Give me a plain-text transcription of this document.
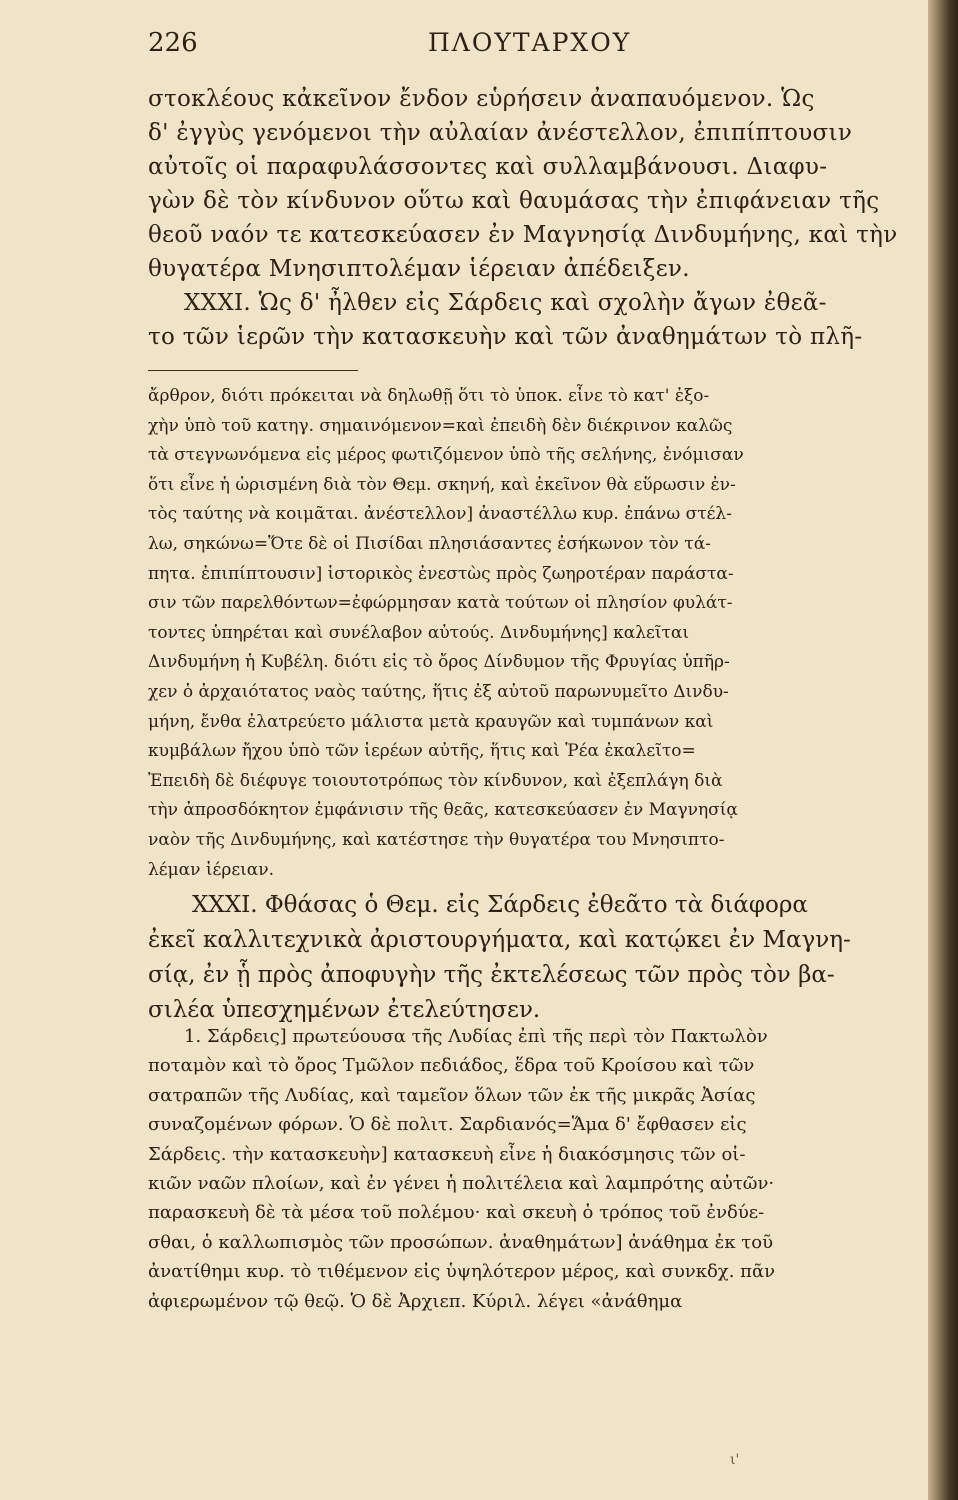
226	ΠΛΟΥΤΑΡΧΟΥ
στοκλέους κἀκεῖνον ἔνδον εὑρήσειν ἀναπαυόμενον. Ὡς
δ' ἐγγὺς γενόμενοι τὴν αὐλαίαν ἀνέστελλον, ἐπιπίπτουσιν
αὐτοῖς οἱ παραφυλάσσοντες καὶ συλλαμβάνουσι. Διαφυ-
γὼν δὲ τὸν κίνδυνον οὕτω καὶ θαυμάσας τὴν ἐπιφάνειαν τῆς
θεοῦ ναόν τε κατεσκεύασεν ἐν Μαγνησίᾳ Δινδυμήνης, καὶ τὴν
θυγατέρα Μνησιπτολέμαν ἱέρειαν ἀπέδειξεν.
XXXI. Ὡς δ' ἦλθεν εἰς Σάρδεις καὶ σχολὴν ἄγων ἐθεᾶ-
το τῶν ἱερῶν τὴν κατασκευὴν καὶ τῶν ἀναθημάτων τὸ πλῆ-
ἄρθρον, διότι πρόκειται νὰ δηλωθῇ ὅτι τὸ ὑποκ. εἶνε τὸ κατ' ἐξο-
χὴν ὑπὸ τοῦ κατηγ. σημαινόμενον=καὶ ἐπειδὴ δὲν διέκρινον καλῶς
τὰ στεγνωνόμενα εἰς μέρος φωτιζόμενον ὑπὸ τῆς σελήνης, ἐνόμισαν
ὅτι εἶνε ἡ ὡρισμένη διὰ τὸν Θεμ. σκηνή, καὶ ἐκεῖνον θὰ εὕρωσιν ἐν-
τὸς ταύτης νὰ κοιμᾶται. ἀνέστελλον] ἀναστέλλω κυρ. ἐπάνω στέλ-
λω, σηκώνω=Ὅτε δὲ οἱ Πισίδαι πλησιάσαντες ἐσήκωνον τὸν τά-
πητα. ἐπιπίπτουσιν] ἱστορικὸς ἐνεστὼς πρὸς ζωηροτέραν παράστα-
σιν τῶν παρελθόντων=ἐφώρμησαν κατὰ τούτων οἱ πλησίον φυλάτ-
τοντες ὑπηρέται καὶ συνέλαβον αὐτούς. Δινδυμήνης] καλεῖται
Δινδυμήνη ἡ Κυβέλη. διότι εἰς τὸ ὄρος Δίνδυμον τῆς Φρυγίας ὑπῆρ-
χεν ὁ ἀρχαιότατος ναὸς ταύτης, ἥτις ἐξ αὐτοῦ παρωνυμεῖτο Δινδυ-
μήνη, ἔνθα ἐλατρεύετο μάλιστα μετὰ κραυγῶν καὶ τυμπάνων καὶ
κυμβάλων ἤχου ὑπὸ τῶν ἱερέων αὐτῆς, ἥτις καὶ Ῥέα ἐκαλεῖτο=
Ἐπειδὴ δὲ διέφυγε τοιουτοτρόπως τὸν κίνδυνον, καὶ ἐξεπλάγη διὰ
τὴν ἀπροσδόκητον ἐμφάνισιν τῆς θεᾶς, κατεσκεύασεν ἐν Μαγνησίᾳ
ναὸν τῆς Δινδυμήνης, καὶ κατέστησε τὴν θυγατέρα του Μνησιπτο-
λέμαν ἱέρειαν.
XXXI. Φθάσας ὁ Θεμ. εἰς Σάρδεις ἐθεᾶτο τὰ διάφορα
ἐκεῖ καλλιτεχνικὰ ἀριστουργήματα, καὶ κατῴκει ἐν Μαγνη-
σίᾳ, ἐν ᾗ πρὸς ἀποφυγὴν τῆς ἐκτελέσεως τῶν πρὸς τὸν βα-
σιλέα ὑπεσχημένων ἐτελεύτησεν.
1. Σάρδεις] πρωτεύουσα τῆς Λυδίας ἐπὶ τῆς περὶ τὸν Πακτωλὸν
ποταμὸν καὶ τὸ ὄρος Τμῶλον πεδιάδος, ἕδρα τοῦ Κροίσου καὶ τῶν
σατραπῶν τῆς Λυδίας, καὶ ταμεῖον ὅλων τῶν ἐκ τῆς μικρᾶς Ἀσίας
συναζομένων φόρων. Ὁ δὲ πολιτ. Σαρδιανός=Ἅμα δ' ἔφθασεν εἰς
Σάρδεις. τὴν κατασκευὴν] κατασκευὴ εἶνε ἡ διακόσμησις τῶν οἰ-
κιῶν ναῶν πλοίων, καὶ ἐν γένει ἡ πολιτέλεια καὶ λαμπρότης αὐτῶν·
παρασκευὴ δὲ τὰ μέσα τοῦ πολέμου· καὶ σκευὴ ὁ τρόπος τοῦ ἐνδύε-
σθαι, ὁ καλλωπισμὸς τῶν προσώπων. ἀναθημάτων] ἀνάθημα ἐκ τοῦ
ἀνατίθημι κυρ. τὸ τιθέμενον εἰς ὑψηλότερον μέρος, καὶ συνκδχ. πᾶν
ἀφιερωμένον τῷ θεῷ. Ὁ δὲ Ἀρχιεπ. Κύριλ. λέγει «ἀνάθημα
ι'
